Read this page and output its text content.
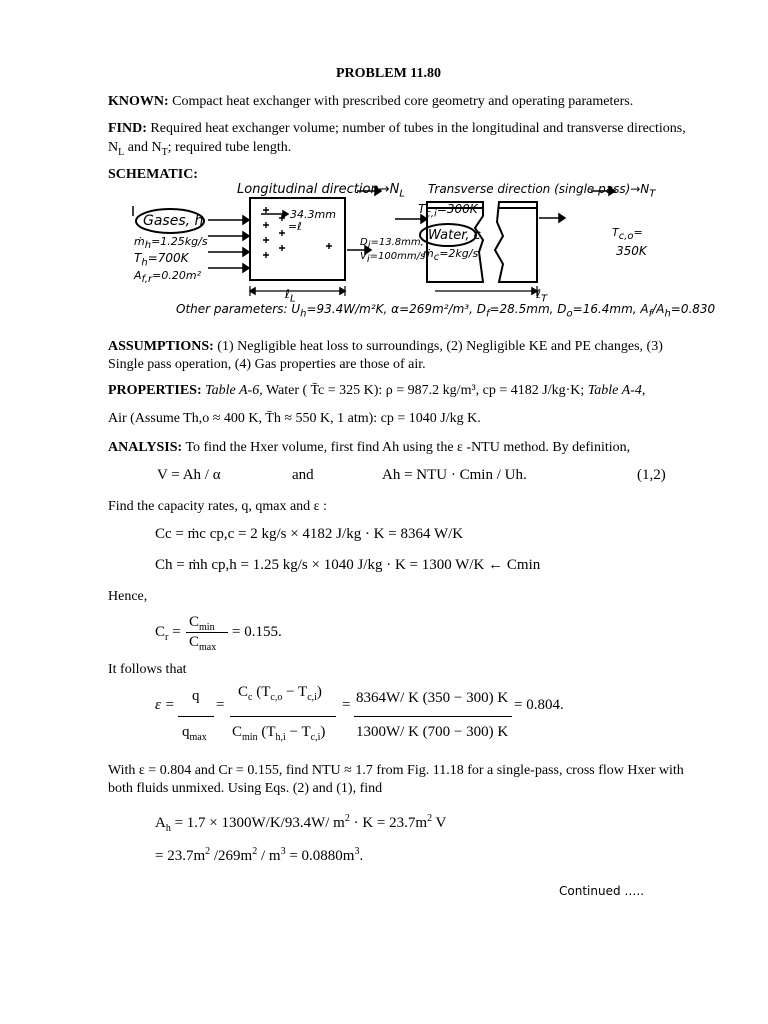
PROBLEM 11.80
KNOWN: Compact heat exchanger with prescribed core geometry and operating parameters.
FIND: Required heat exchanger volume; number of tubes in the longitudinal and transverse directions,
$N_L$ and $N_T$; required tube length.
SCHEMATIC:
Longitudinal $direction\to N_L$ Transverse direction (single $pass)\to N_T$
Gases, h
ṁ$_h$=1.25kg/s
$T_h=700K$
$A_{f,r}=0.20m^2$
34.3mm
=ℓ
$D_i=13.8mm$,
$V_i=100mm/s$
$T_{c,i}=300K$
Water, c
ṁ$_c$=2kg/s
$T_{c,o}=$
350K
ℓ$_L$	ℓ$_T$
Other parameters: $U_h=93.4W$/m²K, α=269m²/m³, $D_f=28.5mm$, $D_o=16.4mm$, $A_f/A_h=0.830$
ASSUMPTIONS: (1) Negligible heat loss to surroundings, (2) Negligible KE and PE changes, (3)
Single pass operation, (4) Gas properties are those of air.
PROPERTIES: Table A-6, Water ( T̄c = 325 K): ρ = 987.2 kg/m³, cp = 4182 J/kg·K; Table A-4,
Air (Assume Th,o ≈ 400 K, T̄h ≈ 550 K, 1 atm): cp = 1040 J/kg K.
ANALYSIS: To find the Hxer volume, first find Ah using the ε -NTU method. By definition,
V = Ah / α	and	Ah = NTU · Cmin / Uh.	(1,2)
Find the capacity rates, q, qmax and ε :
Cc = ṁc cp,c = 2 kg/s × 4182 J/kg · K = 8364 W/K
Ch = ṁh cp,h = 1.25 kg/s × 1040 J/kg · K = 1300 W/K ← Cmin
Hence,
$C_r$ =
$C_{min}$
$C_{max}$
= 0.155.
It follows that
ε =
q
$q_{max}$
=
$C_c$ $(T_{c,o} - T_{c,i})$
$C_{min}$ $(T_{h,i} - T_{c,i})$
= 8364W/ K (350 − 300) K
1300W/ K (700 − 300) K
= 0.804.
With ε = 0.804 and Cr = 0.155, find NTU ≈ 1.7 from Fig. 11.18 for a single-pass, cross flow Hxer with
both fluids unmixed. Using Eqs. (2) and (1), find
$A_h = 1.7 \times 1300W/K/93.4W/$ $m^2 \cdot K = 23.7m^2$ V
= $23.7m^2$ $/269m^2 / m^3 = 0.0880m^3$.
Continued …..
